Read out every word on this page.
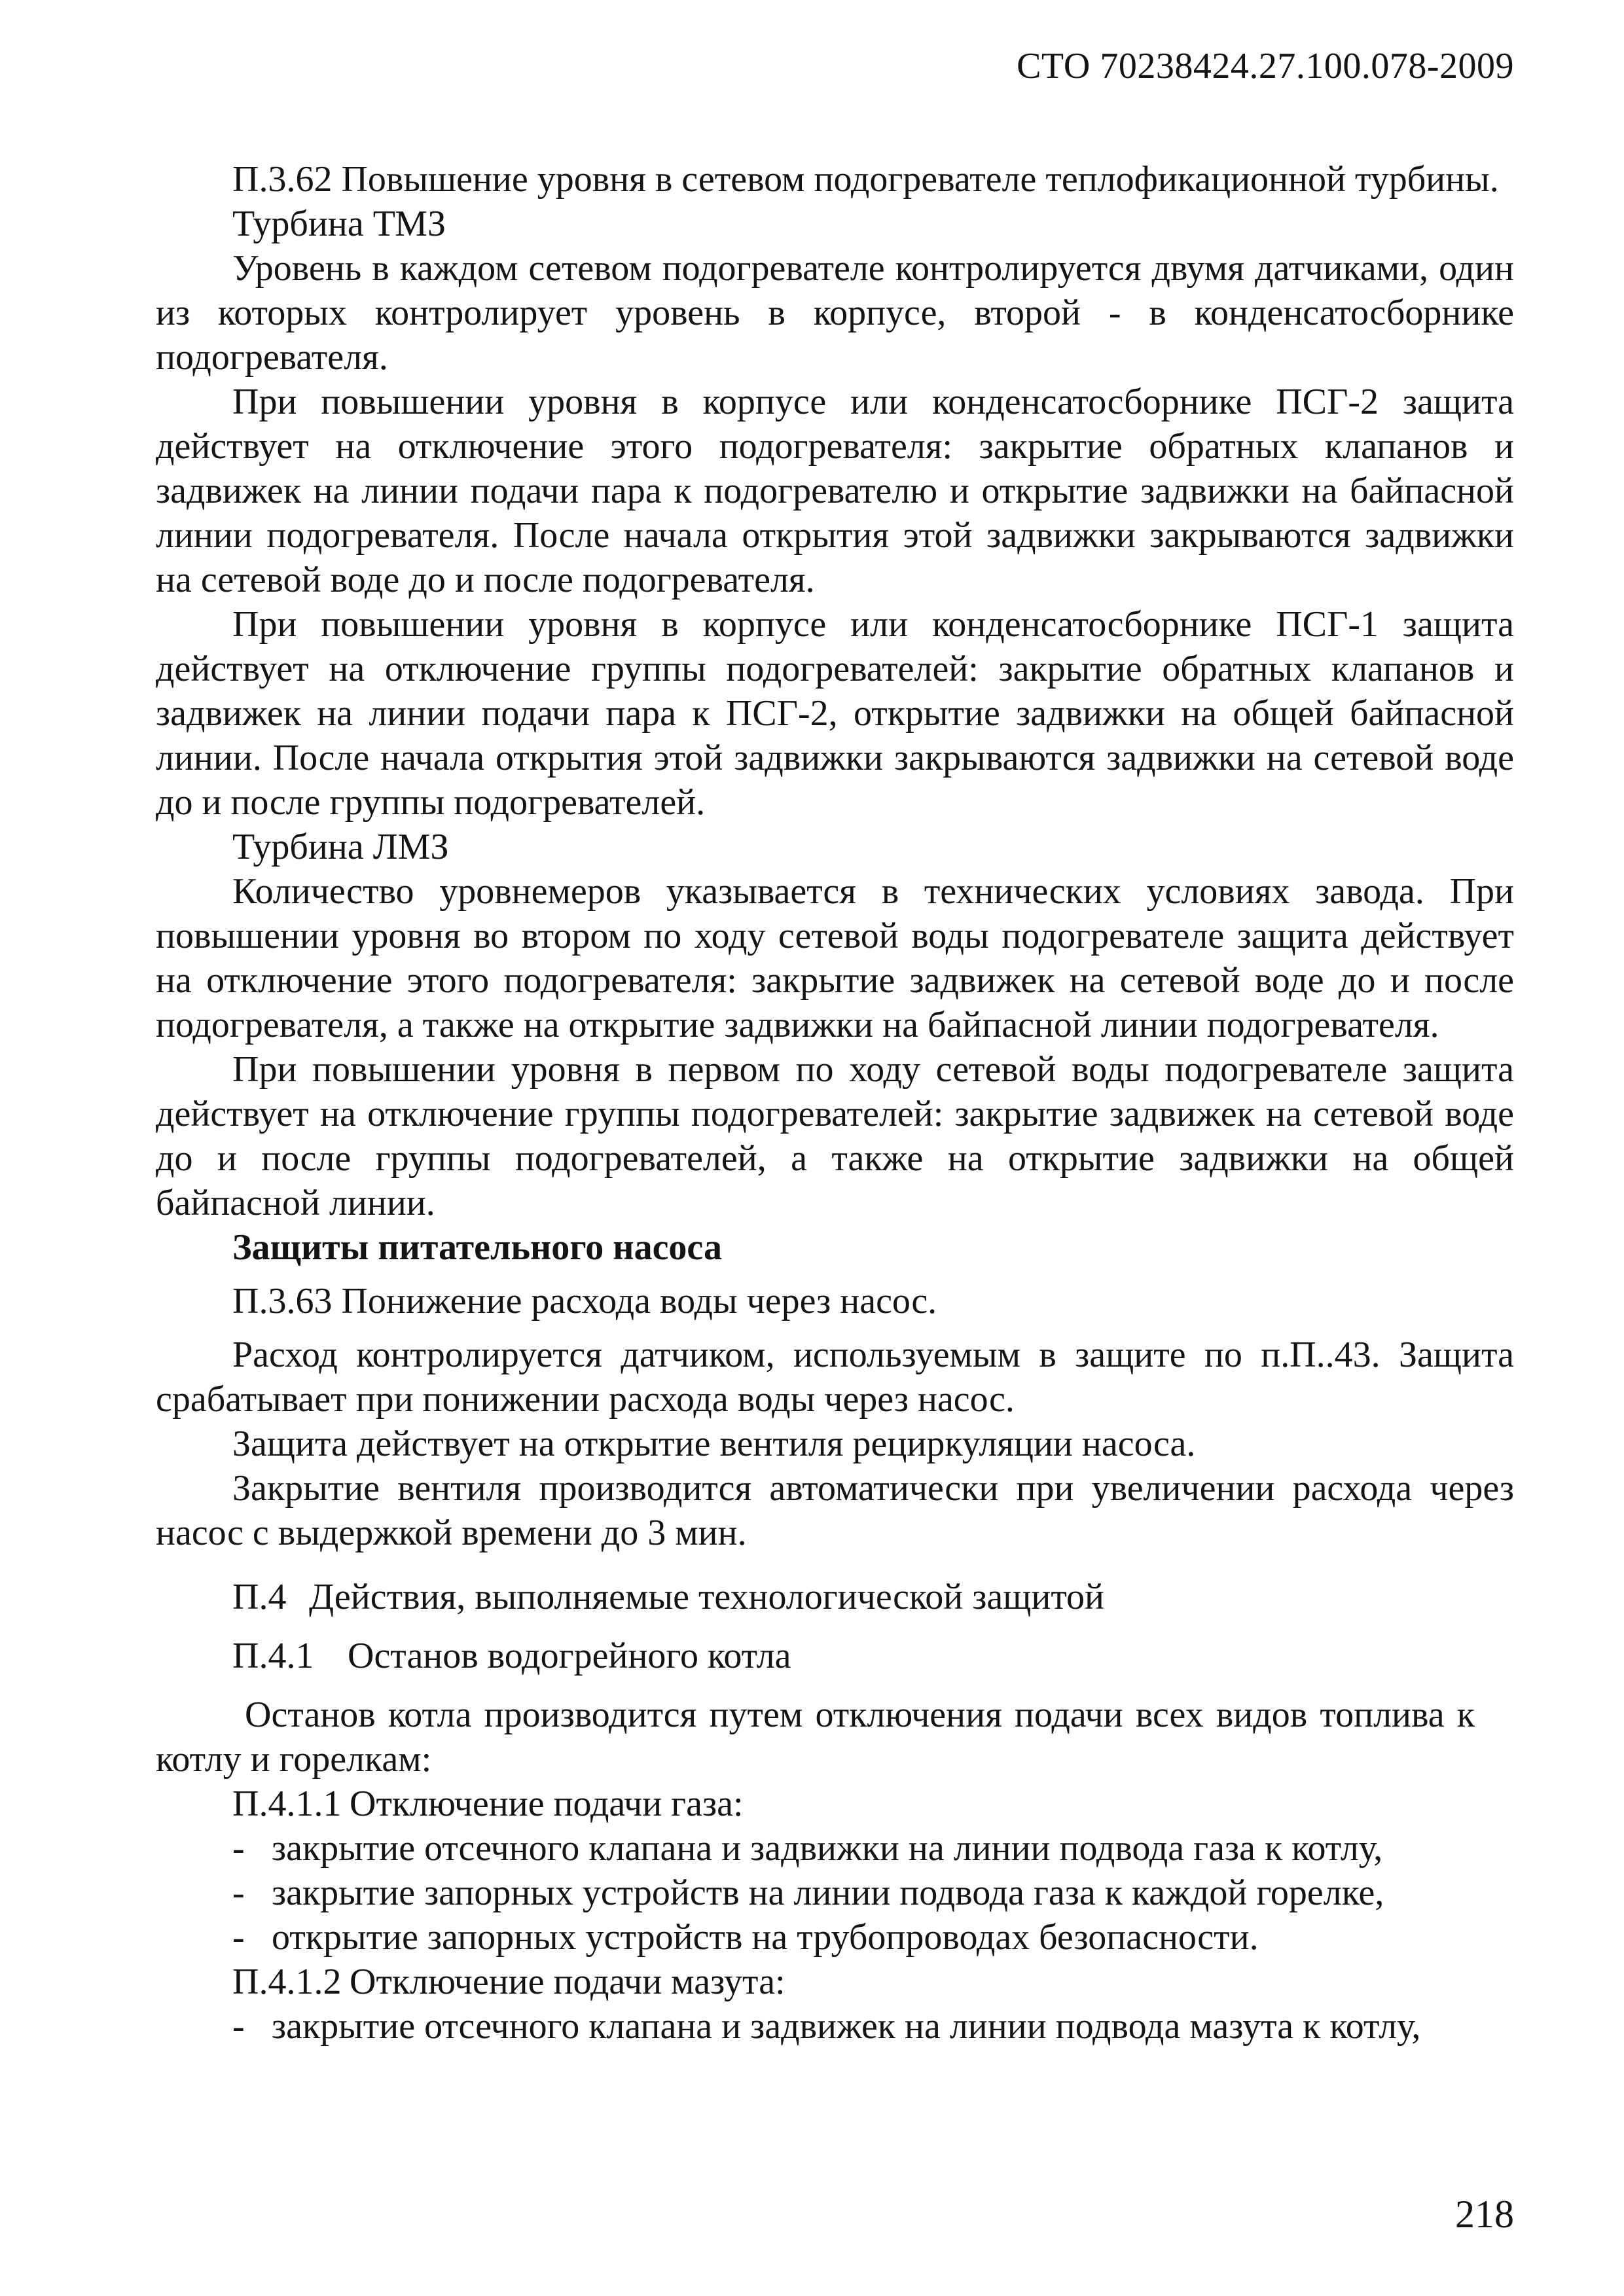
СТО 70238424.27.100.078-2009

П.3.62 Повышение уровня в сетевом подогревателе теплофикационной турбины.

Турбина ТМЗ

Уровень в каждом сетевом подогревателе контролируется двумя датчиками, один из которых контролирует уровень в корпусе, второй - в конденсатосборнике подогревателя.

При повышении уровня в корпусе или конденсатосборнике ПСГ-2 защита действует на отключение этого подогревателя: закрытие обратных клапанов и задвижек на линии подачи пара к подогревателю и открытие задвижки на байпасной линии подогревателя. После начала открытия этой задвижки закрываются задвижки на сетевой воде до и после подогревателя.

При повышении уровня в корпусе или конденсатосборнике ПСГ-1 защита действует на отключение группы подогревателей: закрытие обратных клапанов и задвижек на линии подачи пара к ПСГ-2, открытие задвижки на общей байпасной линии. После начала открытия этой задвижки закрываются задвижки на сетевой воде до и после группы подогревателей.

Турбина ЛМЗ

Количество уровнемеров указывается в технических условиях завода. При повышении уровня во втором по ходу сетевой воды подогревателе защита действует на отключение этого подогревателя: закрытие задвижек на сетевой воде до и после подогревателя, а также на открытие задвижки на байпасной линии подогревателя.

При повышении уровня в первом по ходу сетевой воды подогревателе защита действует на отключение группы подогревателей: закрытие задвижек на сетевой воде до и после группы подогревателей, а также на открытие задвижки на общей байпасной линии.

Защиты питательного насоса

П.3.63 Понижение расхода воды через насос.

Расход контролируется датчиком, используемым в защите по п.П..43. Защита срабатывает при понижении расхода воды через насос.

Защита действует на открытие вентиля рециркуляции насоса.

Закрытие вентиля производится автоматически при увеличении расхода через насос с выдержкой времени до 3 мин.

П.4 Действия, выполняемые технологической защитой

П.4.1 Останов водогрейного котла

Останов котла производится путем отключения подачи всех видов топлива к котлу и горелкам:

П.4.1.1 Отключение подачи газа:

- закрытие отсечного клапана и задвижки на линии подвода газа к котлу,
- закрытие запорных устройств на линии подвода газа к каждой горелке,
- открытие запорных устройств на трубопроводах безопасности.

П.4.1.2 Отключение подачи мазута:

- закрытие отсечного клапана и задвижек на линии подвода мазута к котлу,
218
